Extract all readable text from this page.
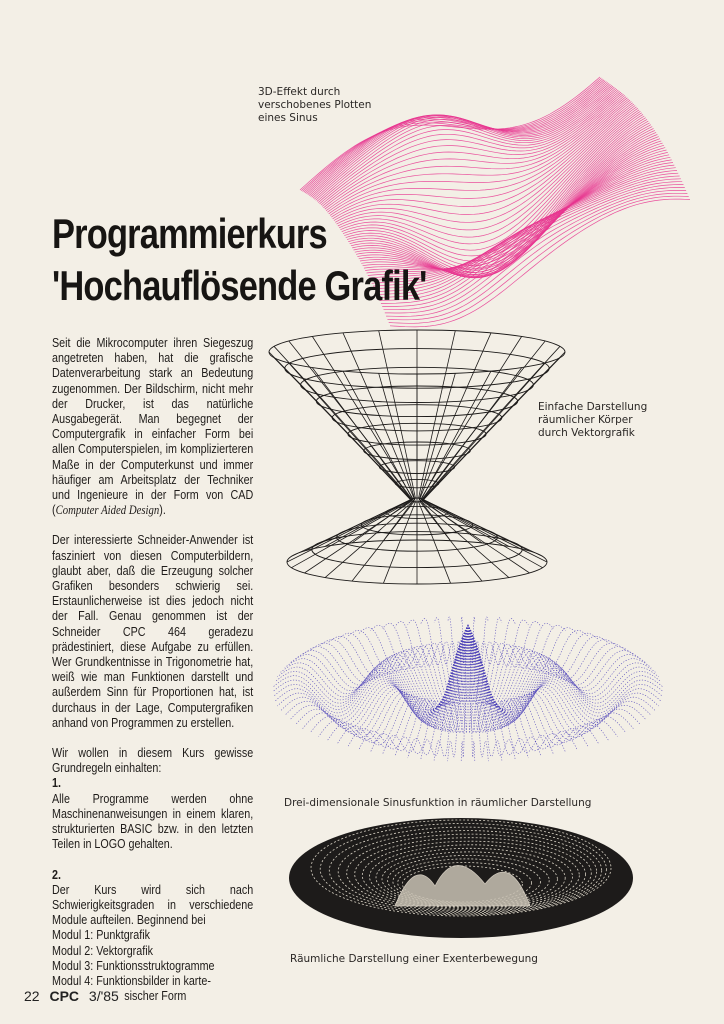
3D-Effekt durch
verschobenes Plotten
eines Sinus
Programmierkurs
'Hochauflösende Grafik'
Einfache Darstellung
räumlicher Körper
durch Vektorgrafik
Drei-dimensionale Sinusfunktion in räumlicher Darstellung
Räumliche Darstellung einer Exenterbewegung

Seit die Mikrocomputer ihren Siegeszug angetreten haben, hat die grafische Datenverarbeitung stark an Bedeutung zugenommen. Der Bildschirm, nicht mehr der Drucker, ist das natürliche Ausgabegerät. Man begegnet der Computergrafik in einfacher Form bei allen Computerspielen, im komplizierteren Maße in der Computerkunst und immer häufiger am Arbeitsplatz der Techniker und Ingenieure in der Form von CAD (Computer Aided Design).

Der interessierte Schneider-Anwender ist fasziniert von diesen Computerbildern, glaubt aber, daß die Erzeugung solcher Grafiken besonders schwierig sei. Erstaunlicherweise ist dies jedoch nicht der Fall. Genau genommen ist der Schneider CPC 464 geradezu prädestiniert, diese Aufgabe zu erfüllen. Wer Grundkentnisse in Trigonometrie hat, weiß wie man Funktionen darstellt und außerdem Sinn für Proportionen hat, ist durchaus in der Lage, Computergrafiken anhand von Programmen zu erstellen.

Wir wollen in diesem Kurs gewisse Grundregeln einhalten:

1.

Alle Programme werden ohne Maschinenanweisungen in einem klaren, strukturierten BASIC bzw. in den letzten Teilen in LOGO gehalten.

2.
Der Kurs wird sich nach Schwierigkeitsgraden in verschiedene Module aufteilen. Beginnend bei
Modul 1: Punktgrafik
Modul 2: Vektorgrafik
Modul 3: Funktionsstruktogramme
Modul 4: Funktionsbilder in karte-
sischer Form
22 CPC 3/'85
